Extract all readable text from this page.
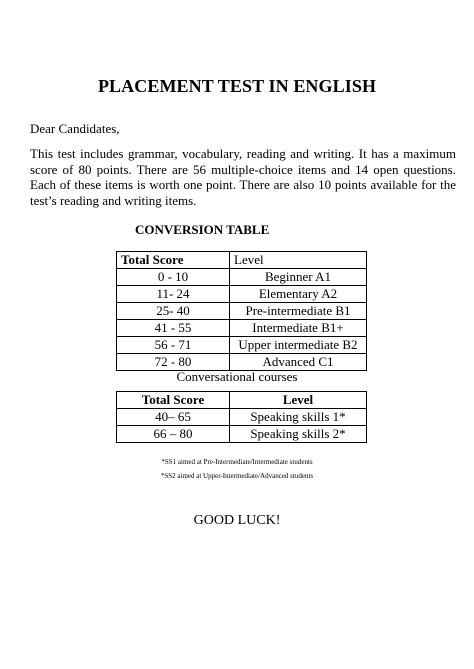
PLACEMENT TEST IN ENGLISH
Dear Candidates,
This test includes grammar, vocabulary, reading and writing. It has a maximum score of 80 points. There are 56 multiple-choice items and 14 open questions. Each of these items is worth one point. There are also 10 points available for the test’s reading and writing items.
CONVERSION TABLE
Total Score	Level
0 - 10	Beginner A1
11- 24	Elementary A2
25- 40	Pre-intermediate B1
41 - 55	Intermediate B1+
56 - 71	Upper intermediate B2
72 - 80	Advanced C1
Conversational courses
Total Score	Level
40– 65	Speaking skills 1*
66 – 80	Speaking skills 2*
*SS1 aimed at Pre-Intermediate/Intermediate students
*SS2 aimed at Upper-Intermediate/Advanced students
GOOD LUCK!
